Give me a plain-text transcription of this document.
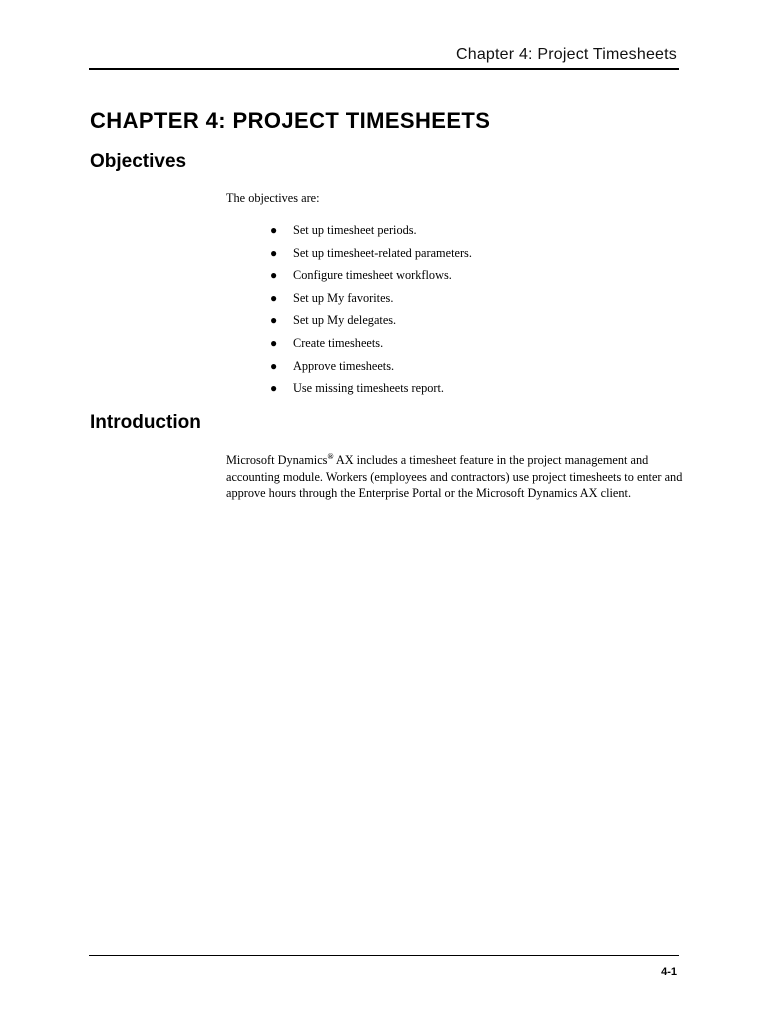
Chapter 4: Project Timesheets
CHAPTER 4: PROJECT TIMESHEETS
Objectives

The objectives are:

● Set up timesheet periods.
● Set up timesheet-related parameters.
● Configure timesheet workflows.
● Set up My favorites.
● Set up My delegates.
● Create timesheets.
● Approve timesheets.
● Use missing timesheets report.
Introduction

Microsoft Dynamics® AX includes a timesheet feature in the project management and accounting module. Workers (employees and contractors) use project timesheets to enter and approve hours through the Enterprise Portal or the Microsoft Dynamics AX client.

4-1
